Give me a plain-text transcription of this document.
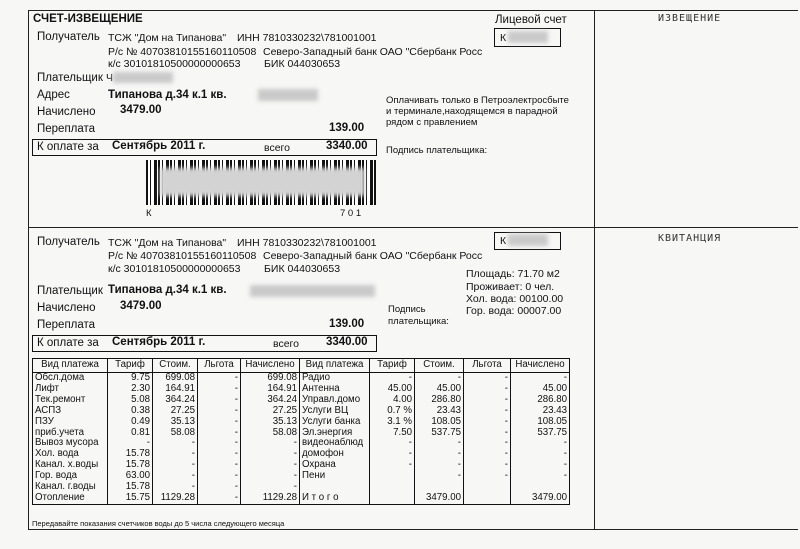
СЧЕТ-ИЗВЕЩЕНИЕ	Лицевой счет
К
ИЗВЕЩЕНИЕ
Получатель ТСЖ "Дом на Типанова" ИНН 7810330232\781001001
Р/с № 40703810155160110508 Северо-Западный банк ОАО "Сбербанк Росс
к/с 30101810500000000653 БИК 044030653
Плательщик Ч
Адрес	Типанова д.34 к.1 кв.
Начислено 3479.00
Переплата	139.00
К оплате за Сентябрь 2011 г.	всего	3340.00
Оплачивать только в Петроэлектросбыте и терминале,находящемся в парадной рядом с правлением
Подпись плательщика:
К	7 0 1
КВИТАНЦИЯ
Получатель ТСЖ "Дом на Типанова" ИНН 7810330232\781001001
Р/с № 40703810155160110508 Северо-Западный банк ОАО "Сбербанк Росс
к/с 30101810500000000653 БИК 044030653
К
Плательщик Типанова д.34 к.1 кв.
Начислено 3479.00
Переплата	139.00
К оплате за Сентябрь 2011 г.	всего 3340.00
Подпись плательщика:
Площадь: 71.70 м2
Проживает: 0 чел.
Хол. вода: 00100.00
Гор. вода: 00007.00
Вид платежа	Тариф	Стоим.	Льгота	Начислено	Вид платежа	Тариф	Стоим.	Льгота	Начислено
Обсл.дома	9.75	699.08	-	699.08	Радио	-	-	-	-
Лифт	2.30	164.91	-	164.91	Антенна	45.00	45.00	-	45.00
Тек.ремонт	5.08	364.24	-	364.24	Управл.домо	4.00	286.80	-	286.80
АСПЗ	0.38	27.25	-	27.25	Услуги ВЦ	0.7 %	23.43	-	23.43
ПЗУ	0.49	35.13	-	35.13	Услуги банка	3.1 %	108.05	-	108.05
приб.учета	0.81	58.08	-	58.08	Эл.энергия	7.50	537.75	-	537.75
Вывоз мусора	-	-	-	-	видеонаблюд	-	-	-	-
Хол. вода	15.78	-	-	-	домофон	-	-	-	-
Канал. х.воды	15.78	-	-	-	Охрана	-	-	-	-
Гор. вода	63.00	-	-	-	Пени		-	-	-
Канал. г.воды	15.78	-	-	-					
Отопление	15.75	1129.28	-	1129.28	И т о г о		3479.00		3479.00
Передавайте показания счетчиков воды до 5 числа следующего месяца
